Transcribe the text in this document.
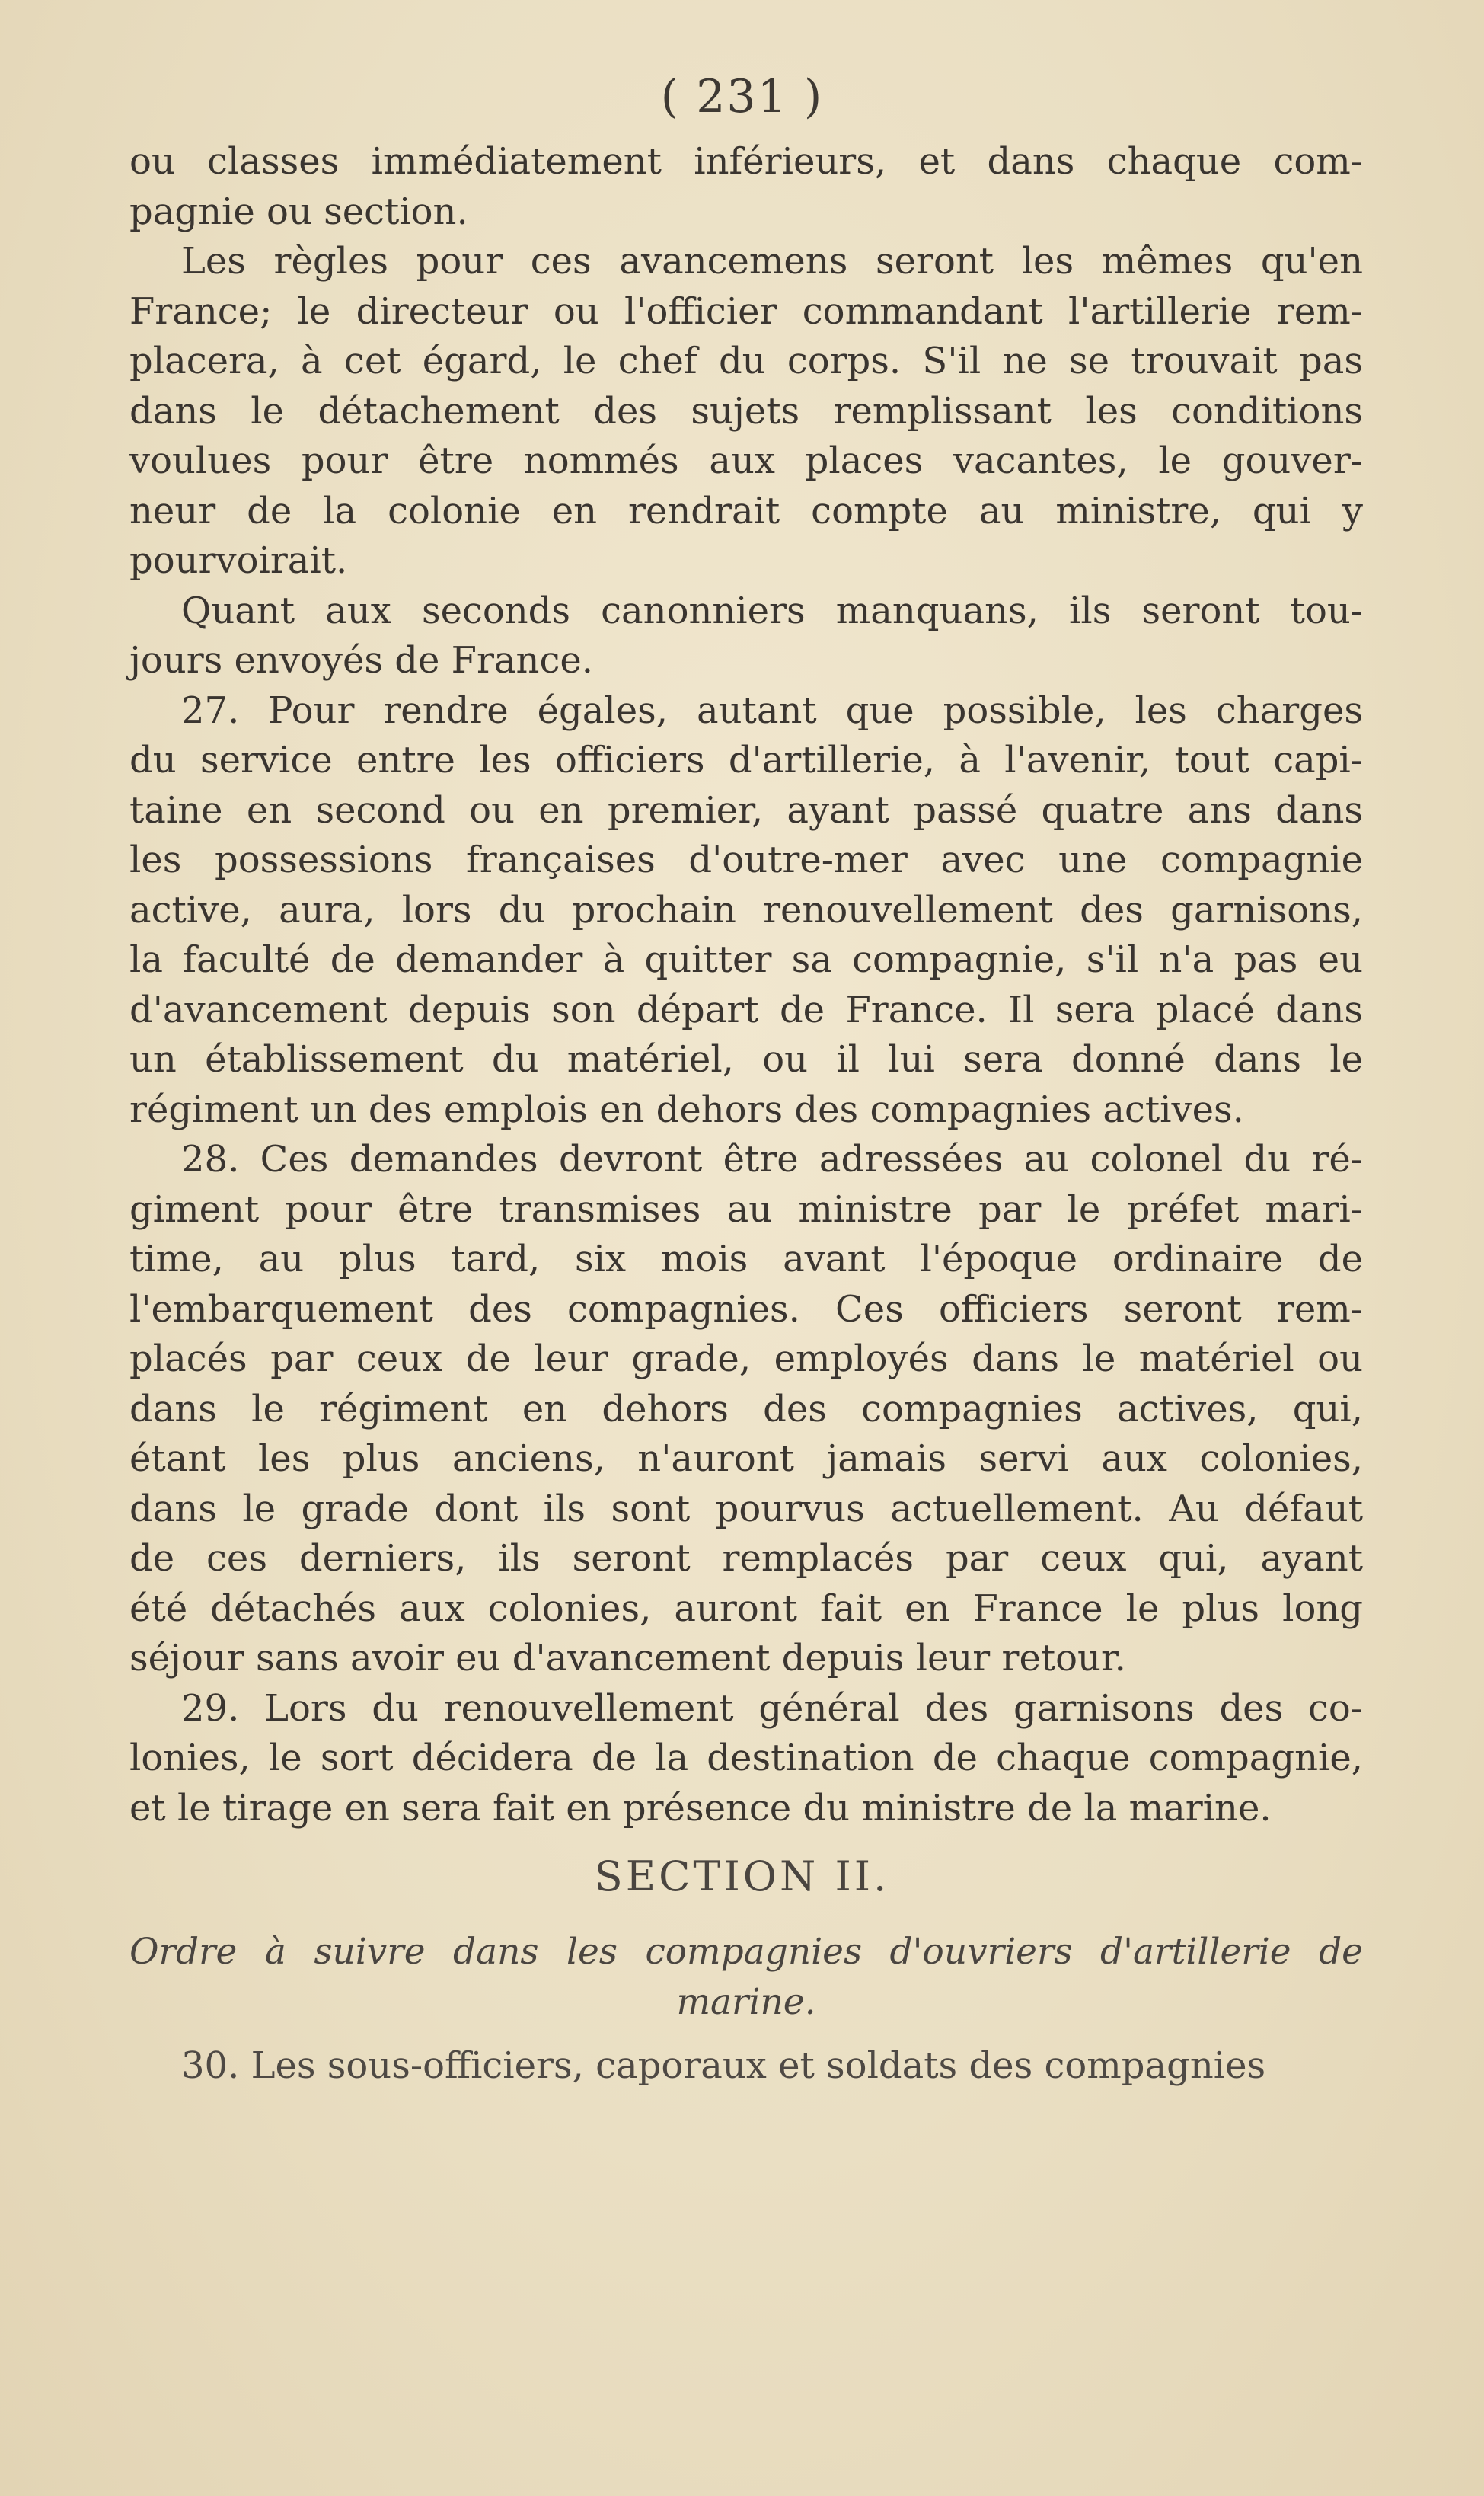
( 231 )
ou classes immédiatement inférieurs, et dans chaque com-
pagnie ou section.
Les règles pour ces avancemens seront les mêmes qu'en
France; le directeur ou l'officier commandant l'artillerie rem-
placera, à cet égard, le chef du corps. S'il ne se trouvait pas
dans le détachement des sujets remplissant les conditions
voulues pour être nommés aux places vacantes, le gouver-
neur de la colonie en rendrait compte au ministre, qui y
pourvoirait.
Quant aux seconds canonniers manquans, ils seront tou-
jours envoyés de France.
27. Pour rendre égales, autant que possible, les charges
du service entre les officiers d'artillerie, à l'avenir, tout capi-
taine en second ou en premier, ayant passé quatre ans dans
les possessions françaises d'outre-mer avec une compagnie
active, aura, lors du prochain renouvellement des garnisons,
la faculté de demander à quitter sa compagnie, s'il n'a pas eu
d'avancement depuis son départ de France. Il sera placé dans
un établissement du matériel, ou il lui sera donné dans le
régiment un des emplois en dehors des compagnies actives.
28. Ces demandes devront être adressées au colonel du ré-
giment pour être transmises au ministre par le préfet mari-
time, au plus tard, six mois avant l'époque ordinaire de
l'embarquement des compagnies. Ces officiers seront rem-
placés par ceux de leur grade, employés dans le matériel ou
dans le régiment en dehors des compagnies actives, qui,
étant les plus anciens, n'auront jamais servi aux colonies,
dans le grade dont ils sont pourvus actuellement. Au défaut
de ces derniers, ils seront remplacés par ceux qui, ayant
été détachés aux colonies, auront fait en France le plus long
séjour sans avoir eu d'avancement depuis leur retour.
29. Lors du renouvellement général des garnisons des co-
lonies, le sort décidera de la destination de chaque compagnie,
et le tirage en sera fait en présence du ministre de la marine.
SECTION II.
Ordre à suivre dans les compagnies d'ouvriers d'artillerie de
marine.
30. Les sous-officiers, caporaux et soldats des compagnies
